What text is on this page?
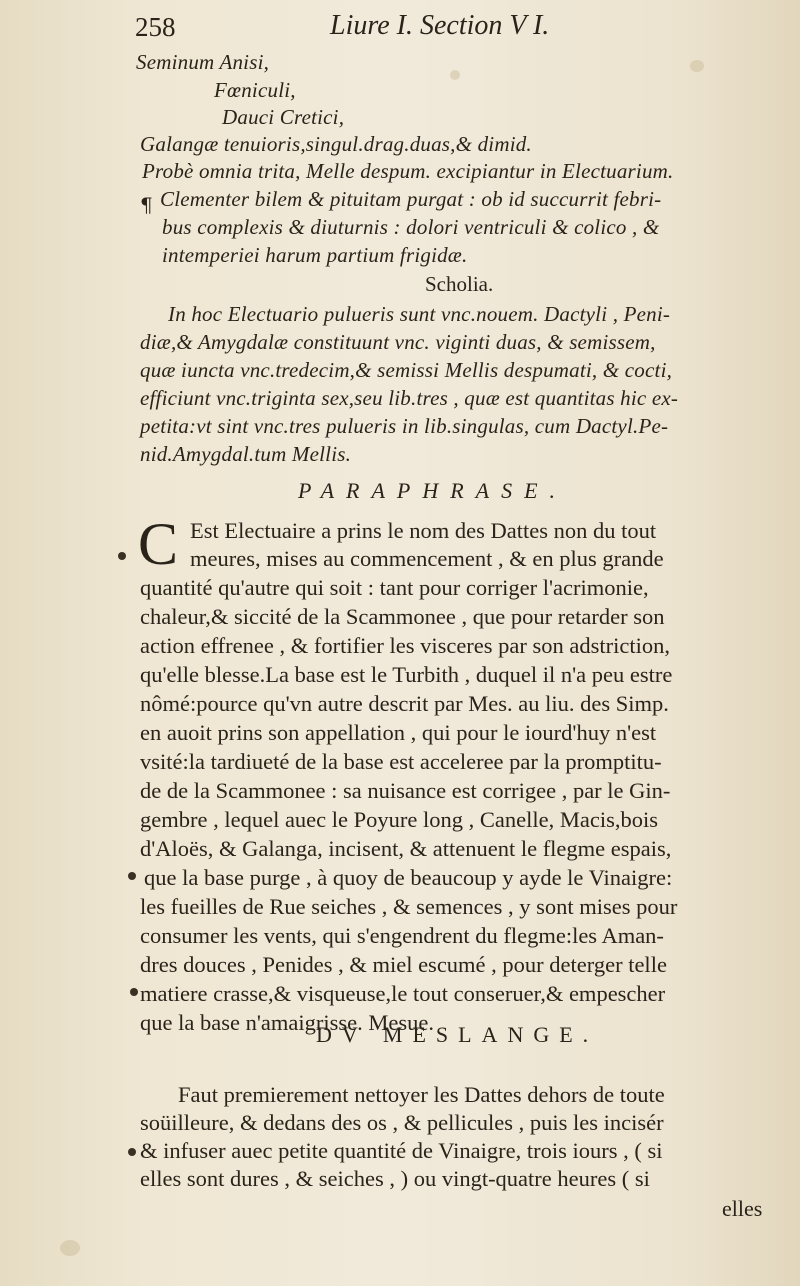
258	Liure I. Section V I.
Seminum Anisi,
Fœniculi,
Dauci Cretici,
Galangæ tenuioris,singul.drag.duas,& dimid.
Probè omnia trita, Melle despum. excipiantur in Electuarium.
¶ Clementer bilem & pituitam purgat : ob id succurrit febri-
bus complexis & diuturnis : dolori ventriculi & colico , &
intemperiei harum partium frigidæ.
Scholia.
In hoc Electuario pulueris sunt vnc.nouem. Dactyli , Peni-
diæ,& Amygdalæ constituunt vnc. viginti duas, & semissem,
quæ iuncta vnc.tredecim,& semissi Mellis despumati, & cocti,
efficiunt vnc.triginta sex,seu lib.tres , quæ est quantitas hic ex-
petita:vt sint vnc.tres pulueris in lib.singulas, cum Dactyl.Pe-
nid.Amygdal.tum Mellis.
PARAPHRASE.
C Est Electuaire a prins le nom des Dattes non du tout
meures, mises au commencement , & en plus grande
quantité qu'autre qui soit : tant pour corriger l'acrimonie,
chaleur,& siccité de la Scammonee , que pour retarder son
action effrenee , & fortifier les visceres par son adstriction,
qu'elle blesse.La base est le Turbith , duquel il n'a peu estre
nômé:pource qu'vn autre descrit par Mes. au liu. des Simp.
en auoit prins son appellation , qui pour le iourd'huy n'est
vsité:la tardiueté de la base est acceleree par la promptitu-
de de la Scammonee : sa nuisance est corrigee , par le Gin-
gembre , lequel auec le Poyure long , Canelle, Macis,bois
d'Aloës, & Galanga, incisent, & attenuent le flegme espais,
que la base purge , à quoy de beaucoup y ayde le Vinaigre:
les fueilles de Rue seiches , & semences , y sont mises pour
consumer les vents, qui s'engendrent du flegme:les Aman-
dres douces , Penides , & miel escumé , pour deterger telle
matiere crasse,& visqueuse,le tout conseruer,& empescher
que la base n'amaigrisse. Mesue.
DV MESLANGE.
Faut premierement nettoyer les Dattes dehors de toute
soüilleure, & dedans des os , & pellicules , puis les incisér
& infuser auec petite quantité de Vinaigre, trois iours , ( si
elles sont dures , & seiches , ) ou vingt-quatre heures ( si
elles
